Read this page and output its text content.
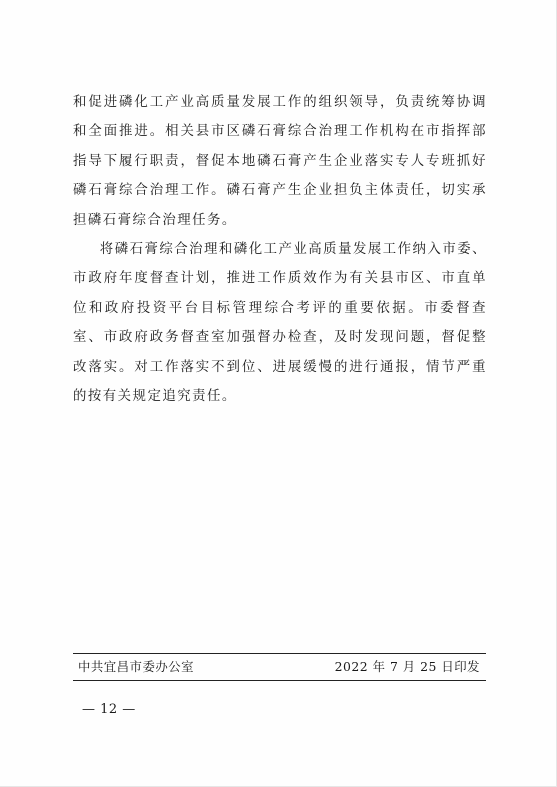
和促进磷化工产业高质量发展工作的组织领导，负责统筹协调和全面推进。相关县市区磷石膏综合治理工作机构在市指挥部指导下履行职责，督促本地磷石膏产生企业落实专人专班抓好磷石膏综合治理工作。磷石膏产生企业担负主体责任，切实承担磷石膏综合治理任务。

将磷石膏综合治理和磷化工产业高质量发展工作纳入市委、市政府年度督查计划，推进工作质效作为有关县市区、市直单位和政府投资平台目标管理综合考评的重要依据。市委督查室、市政府政务督查室加强督办检查，及时发现问题，督促整改落实。对工作落实不到位、进展缓慢的进行通报，情节严重的按有关规定追究责任。

中共宜昌市委办公室	2022 年 7 月 25 日印发
— 12 —
